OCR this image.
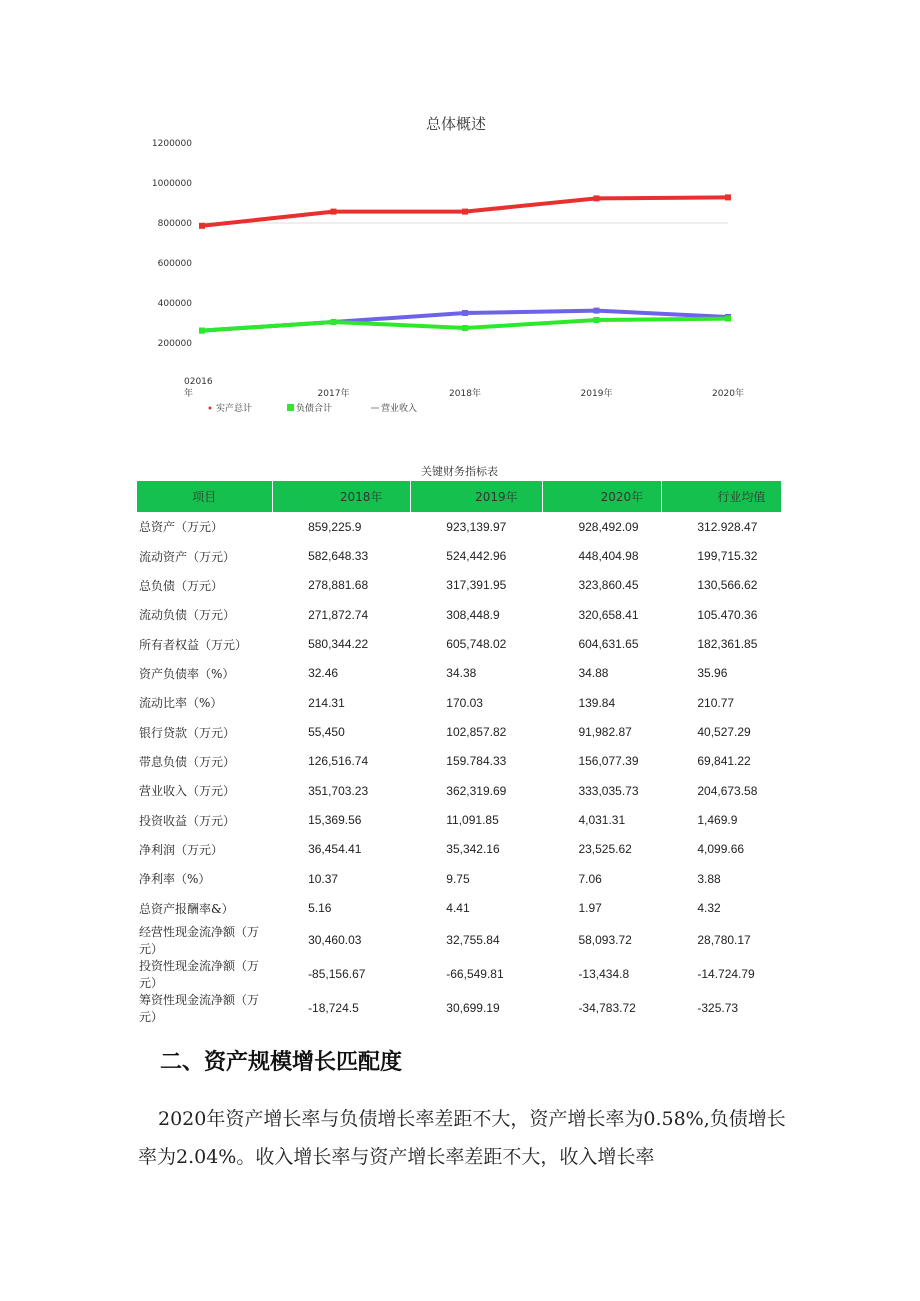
总体概述
1200000
1000000
800000
600000
400000
200000
02016
年	2017年	2018年	2019年	2020年
实产总计	负债合计	营业收入
关键财务指标表
项目	2018年	2019年	2020年	行业均值
总资产（万元）	859,225.9	923,139.97	928,492.09	312.928.47
流动资产（万元）	582,648.33	524,442.96	448,404.98	199,715.32
总负债（万元）	278,881.68	317,391.95	323,860.45	130,566.62
流动负债（万元）	271,872.74	308,448.9	320,658.41	105.470.36
所有者权益（万元）	580,344.22	605,748.02	604,631.65	182,361.85
资产负债率（%）	32.46	34.38	34.88	35.96
流动比率（%）	214.31	170.03	139.84	210.77
银行贷款（万元）	55,450	102,857.82	91,982.87	40,527.29
带息负债（万元）	126,516.74	159.784.33	156,077.39	69,841.22
营业收入（万元）	351,703.23	362,319.69	333,035.73	204,673.58
投资收益（万元）	15,369.56	11,091.85	4,031.31	1,469.9
净利润（万元）	36,454.41	35,342.16	23,525.62	4,099.66
净利率（%）	10.37	9.75	7.06	3.88
总资产报酬率&）	5.16	4.41	1.97	4.32
经营性现金流净额（万元）	30,460.03	32,755.84	58,093.72	28,780.17
投资性现金流净额（万元）	-85,156.67	-66,549.81	-13,434.8	-14.724.79
筹资性现金流净额（万元）	-18,724.5	30,699.19	-34,783.72	-325.73
二、资产规模增长匹配度
2020年资产增长率与负债增长率差距不大，资产增长率为0.58%,负债增长率为2.04%。收入增长率与资产增长率差距不大，收入增长率
